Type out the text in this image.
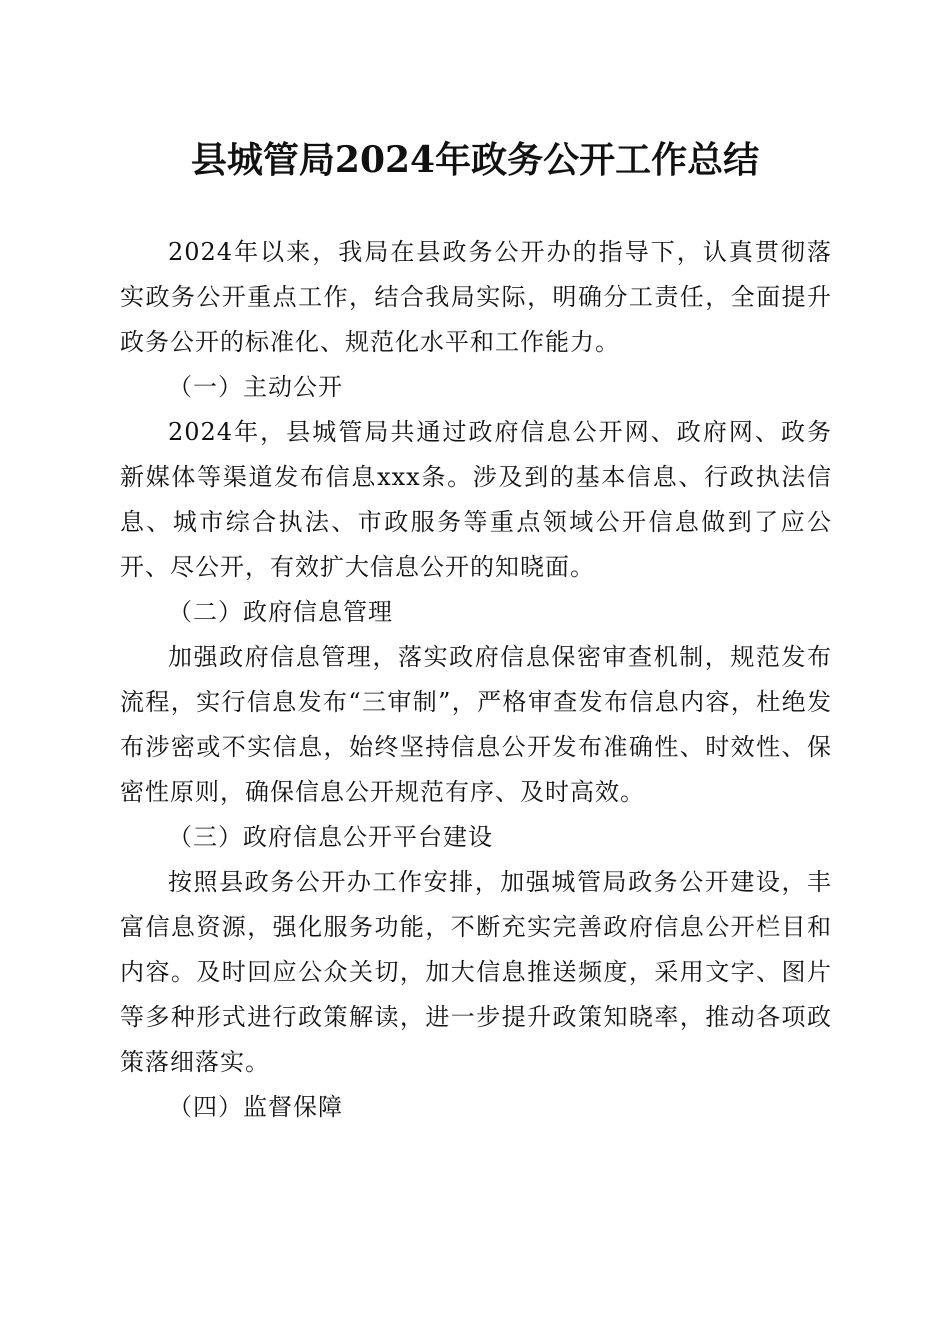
县城管局2024年政务公开工作总结

2024年以来，我局在县政务公开办的指导下，认真贯彻落实政务公开重点工作，结合我局实际，明确分工责任，全面提升政务公开的标准化、规范化水平和工作能力。

（一）主动公开

2024年，县城管局共通过政府信息公开网、政府网、政务新媒体等渠道发布信息xxx条。涉及到的基本信息、行政执法信息、城市综合执法、市政服务等重点领域公开信息做到了应公开、尽公开，有效扩大信息公开的知晓面。

（二）政府信息管理

加强政府信息管理，落实政府信息保密审查机制，规范发布流程，实行信息发布“三审制”，严格审查发布信息内容，杜绝发布涉密或不实信息，始终坚持信息公开发布准确性、时效性、保密性原则，确保信息公开规范有序、及时高效。

（三）政府信息公开平台建设

按照县政务公开办工作安排，加强城管局政务公开建设，丰富信息资源，强化服务功能，不断充实完善政府信息公开栏目和内容。及时回应公众关切，加大信息推送频度，采用文字、图片等多种形式进行政策解读，进一步提升政策知晓率，推动各项政策落细落实。

（四）监督保障
